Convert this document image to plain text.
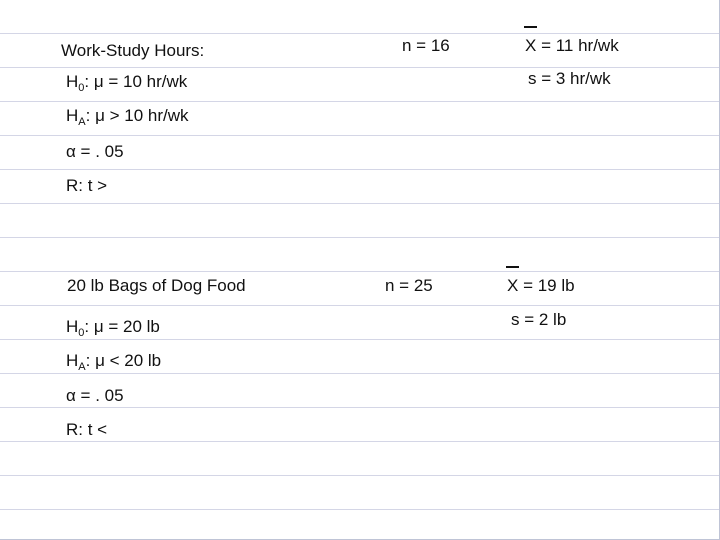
Work-Study Hours:	n = 16	X = 11 hr/wk
s = 3 hr/wk
$H_0$: μ = 10 hr/wk
$H_A$: μ > 10 hr/wk
α = . 05
R: t >
20 lb Bags of Dog Food	n = 25	X = 19 lb
s = 2 lb
$H_0$: μ = 20 lb
$H_A$: μ < 20 lb
α = . 05
R: t <
